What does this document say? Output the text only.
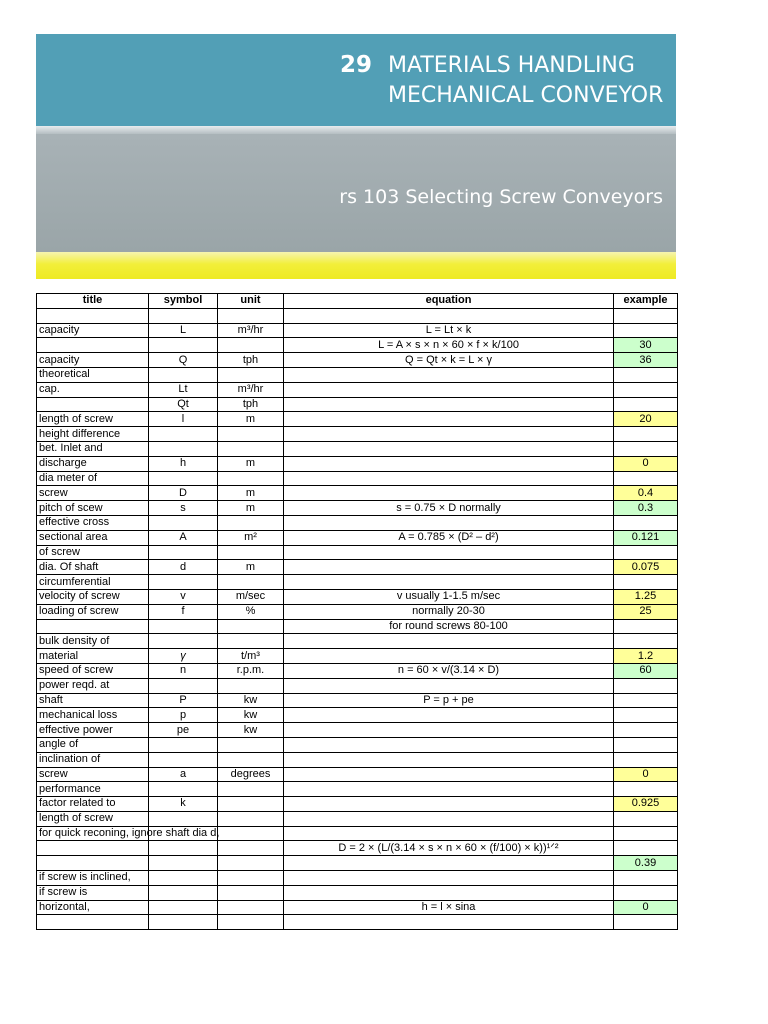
29 MATERIALS HANDLING
MECHANICAL CONVEYOR
rs 103 Selecting Screw Conveyors
title	symbol	unit	equation	example

capacity	L	m³/hr	L = Lt × k	
			L = A × s × n × 60 × f × k/100	30
capacity	Q	tph	Q = Qt × k = L × γ	36
theoretical				
cap.	Lt	m³/hr		
	Qt	tph		
length of screw	l	m		20
height difference				
bet. Inlet and				
discharge	h	m		0
dia meter of				
screw	D	m		0.4
pitch of scew	s	m	s = 0.75 × D normally	0.3
effective cross				
sectional area	A	m²	A = 0.785 × (D² – d²)	0.121
of screw				
dia. Of shaft	d	m		0.075
circumferential				
velocity of screw	v	m/sec	v usually 1-1.5 m/sec	1.25
loading of screw	f	%	normally 20-30	25
			for round screws 80-100	
bulk density of				
material	γ	t/m³		1.2
speed of screw	n	r.p.m.	n = 60 × v/(3.14 × D)	60
power reqd. at				
shaft	P	kw	P = p + pe	
mechanical loss	p	kw		
effective power	pe	kw		
angle of				
inclination of				
screw	a	degrees		0
performance				
factor related to	k			0.925
length of screw				
for quick reconing, ignore shaft dia d,				
			D = 2 × (L/(3.14 × s × n × 60 × (f/100) × k))¹ᐟ²	
				0.39
if screw is inclined,				
if screw is				
horizontal,			h = l × sina	0
